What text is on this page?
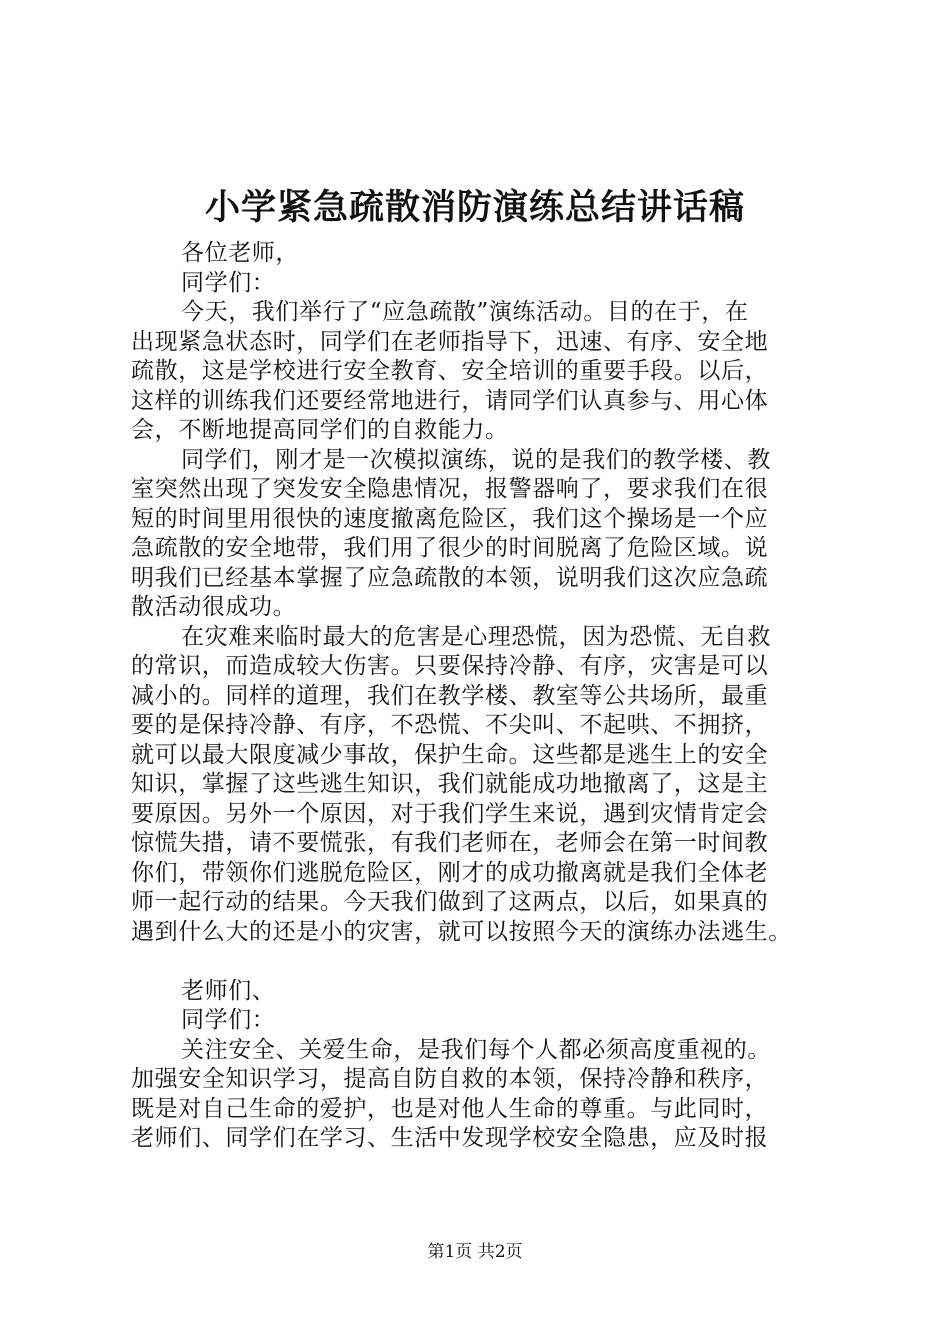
小学紧急疏散消防演练总结讲话稿
各位老师，
同学们：
今天，我们举行了“应急疏散”演练活动。目的在于，在
出现紧急状态时，同学们在老师指导下，迅速、有序、安全地
疏散，这是学校进行安全教育、安全培训的重要手段。以后，
这样的训练我们还要经常地进行，请同学们认真参与、用心体
会，不断地提高同学们的自救能力。
同学们，刚才是一次模拟演练，说的是我们的教学楼、教
室突然出现了突发安全隐患情况，报警器响了，要求我们在很
短的时间里用很快的速度撤离危险区，我们这个操场是一个应
急疏散的安全地带，我们用了很少的时间脱离了危险区域。说
明我们已经基本掌握了应急疏散的本领，说明我们这次应急疏
散活动很成功。
在灾难来临时最大的危害是心理恐慌，因为恐慌、无自救
的常识，而造成较大伤害。只要保持冷静、有序，灾害是可以
减小的。同样的道理，我们在教学楼、教室等公共场所，最重
要的是保持冷静、有序，不恐慌、不尖叫、不起哄、不拥挤，
就可以最大限度减少事故，保护生命。这些都是逃生上的安全
知识，掌握了这些逃生知识，我们就能成功地撤离了，这是主
要原因。另外一个原因，对于我们学生来说，遇到灾情肯定会
惊慌失措，请不要慌张，有我们老师在，老师会在第一时间教
你们，带领你们逃脱危险区，刚才的成功撤离就是我们全体老
师一起行动的结果。今天我们做到了这两点，以后，如果真的
遇到什么大的还是小的灾害，就可以按照今天的演练办法逃生。
老师们、
同学们：
关注安全、关爱生命，是我们每个人都必须高度重视的。
加强安全知识学习，提高自防自救的本领，保持冷静和秩序，
既是对自己生命的爱护，也是对他人生命的尊重。与此同时，
老师们、同学们在学习、生活中发现学校安全隐患，应及时报
第1页 共2页
